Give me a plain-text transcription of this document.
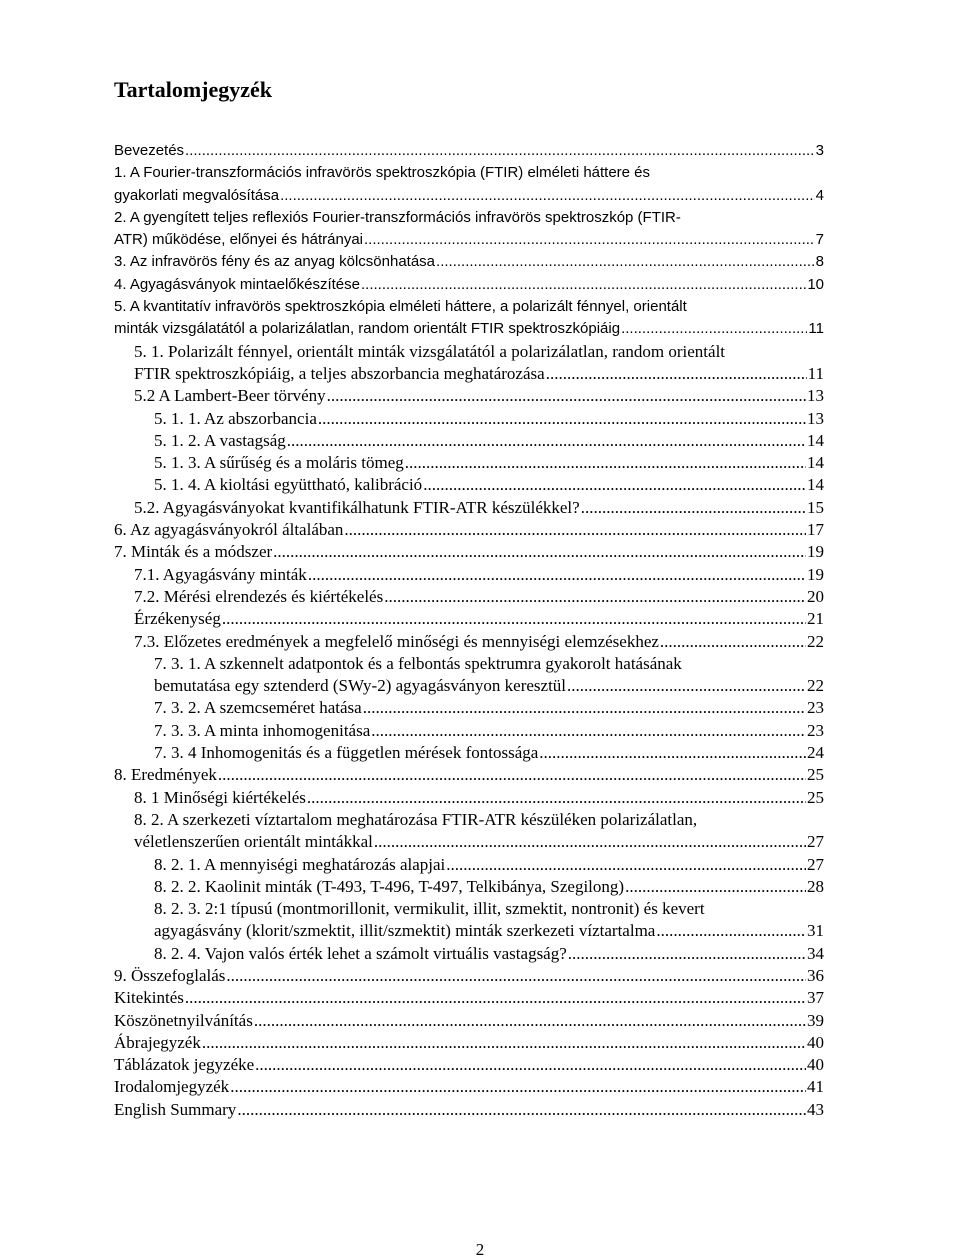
Tartalomjegyzék
Bevezetés .....	3
1. A Fourier-transzformációs infravörös spektroszkópia (FTIR) elméleti háttere és
gyakorlati megvalósítása .....	4
2. A gyengített teljes reflexiós Fourier-transzformációs infravörös spektroszkóp (FTIR-
ATR) működése, előnyei és hátrányai .....	7
3. Az infravörös fény és az anyag kölcsönhatása .....	8
4. Agyagásványok mintaelőkészítése .....	10
5. A kvantitatív infravörös spektroszkópia elméleti háttere, a polarizált fénnyel, orientált
minták vizsgálatától a polarizálatlan, random orientált FTIR spektroszkópiáig .....	11
5. 1. Polarizált fénnyel, orientált minták vizsgálatától a polarizálatlan, random orientált
FTIR spektroszkópiáig, a teljes abszorbancia meghatározása .....	11
5.2 A Lambert-Beer törvény .....	13
5. 1. 1. Az abszorbancia .....	13
5. 1. 2. A vastagság .....	14
5. 1. 3. A sűrűség és a moláris tömeg .....	14
5. 1. 4. A kioltási együttható, kalibráció .....	14
5.2. Agyagásványokat kvantifikálhatunk FTIR-ATR készülékkel? .....	15
6. Az agyagásványokról általában .....	17
7. Minták és a módszer .....	19
7.1. Agyagásvány minták .....	19
7.2. Mérési elrendezés és kiértékelés .....	20
Érzékenység .....	21
7.3. Előzetes eredmények a megfelelő minőségi és mennyiségi elemzésekhez .....	22
7. 3. 1. A szkennelt adatpontok és a felbontás spektrumra gyakorolt hatásának
bemutatása egy sztenderd (SWy-2) agyagásványon keresztül .....	22
7. 3. 2. A szemcseméret hatása .....	23
7. 3. 3. A minta inhomogenitása .....	23
7. 3. 4 Inhomogenitás és a független mérések fontossága .....	24
8. Eredmények .....	25
8. 1 Minőségi kiértékelés .....	25
8. 2. A szerkezeti víztartalom meghatározása FTIR-ATR készüléken polarizálatlan,
véletlenszerűen orientált mintákkal .....	27
8. 2. 1. A mennyiségi meghatározás alapjai .....	27
8. 2. 2. Kaolinit minták (T-493, T-496, T-497, Telkibánya, Szegilong) .....	28
8. 2. 3. 2:1 típusú (montmorillonit, vermikulit, illit, szmektit, nontronit) és kevert
agyagásvány (klorit/szmektit, illit/szmektit) minták szerkezeti víztartalma .....	31
8. 2. 4. Vajon valós érték lehet a számolt virtuális vastagság? .....	34
9. Összefoglalás .....	36
Kitekintés .....	37
Köszönetnyilvánítás .....	39
Ábrajegyzék .....	40
Táblázatok jegyzéke .....	40
Irodalomjegyzék .....	41
English Summary .....	43
2
